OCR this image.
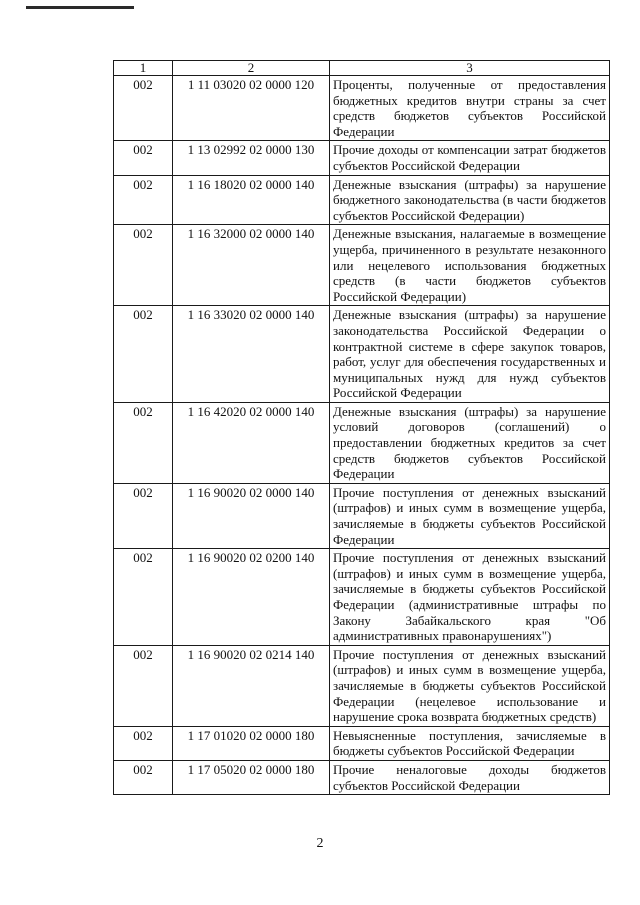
1	2	3
002	1 11 03020 02 0000 120	Проценты, полученные от предоставления бюджетных кредитов внутри страны за счет средств бюджетов субъектов Российской Федерации
002	1 13 02992 02 0000 130	Прочие доходы от компенсации затрат бюджетов субъектов Российской Федерации
002	1 16 18020 02 0000 140	Денежные взыскания (штрафы) за нарушение бюджетного законодательства (в части бюджетов субъектов Российской Федерации)
002	1 16 32000 02 0000 140	Денежные взыскания, налагаемые в возмещение ущерба, причиненного в результате незаконного или нецелевого использования бюджетных средств (в части бюджетов субъектов Российской Федерации)
002	1 16 33020 02 0000 140	Денежные взыскания (штрафы) за нарушение законодательства Российской Федерации о контрактной системе в сфере закупок товаров, работ, услуг для обеспечения государственных и муниципальных нужд для нужд субъектов Российской Федерации
002	1 16 42020 02 0000 140	Денежные взыскания (штрафы) за нарушение условий договоров (соглашений) о предоставлении бюджетных кредитов за счет средств бюджетов субъектов Российской Федерации
002	1 16 90020 02 0000 140	Прочие поступления от денежных взысканий (штрафов) и иных сумм в возмещение ущерба, зачисляемые в бюджеты субъектов Российской Федерации
002	1 16 90020 02 0200 140	Прочие поступления от денежных взысканий (штрафов) и иных сумм в возмещение ущерба, зачисляемые в бюджеты субъектов Российской Федерации (административные штрафы по Закону Забайкальского края "Об административных правонарушениях")
002	1 16 90020 02 0214 140	Прочие поступления от денежных взысканий (штрафов) и иных сумм в возмещение ущерба, зачисляемые в бюджеты субъектов Российской Федерации (нецелевое использование и нарушение срока возврата бюджетных средств)
002	1 17 01020 02 0000 180	Невыясненные поступления, зачисляемые в бюджеты субъектов Российской Федерации
002	1 17 05020 02 0000 180	Прочие неналоговые доходы бюджетов субъектов Российской Федерации
2
